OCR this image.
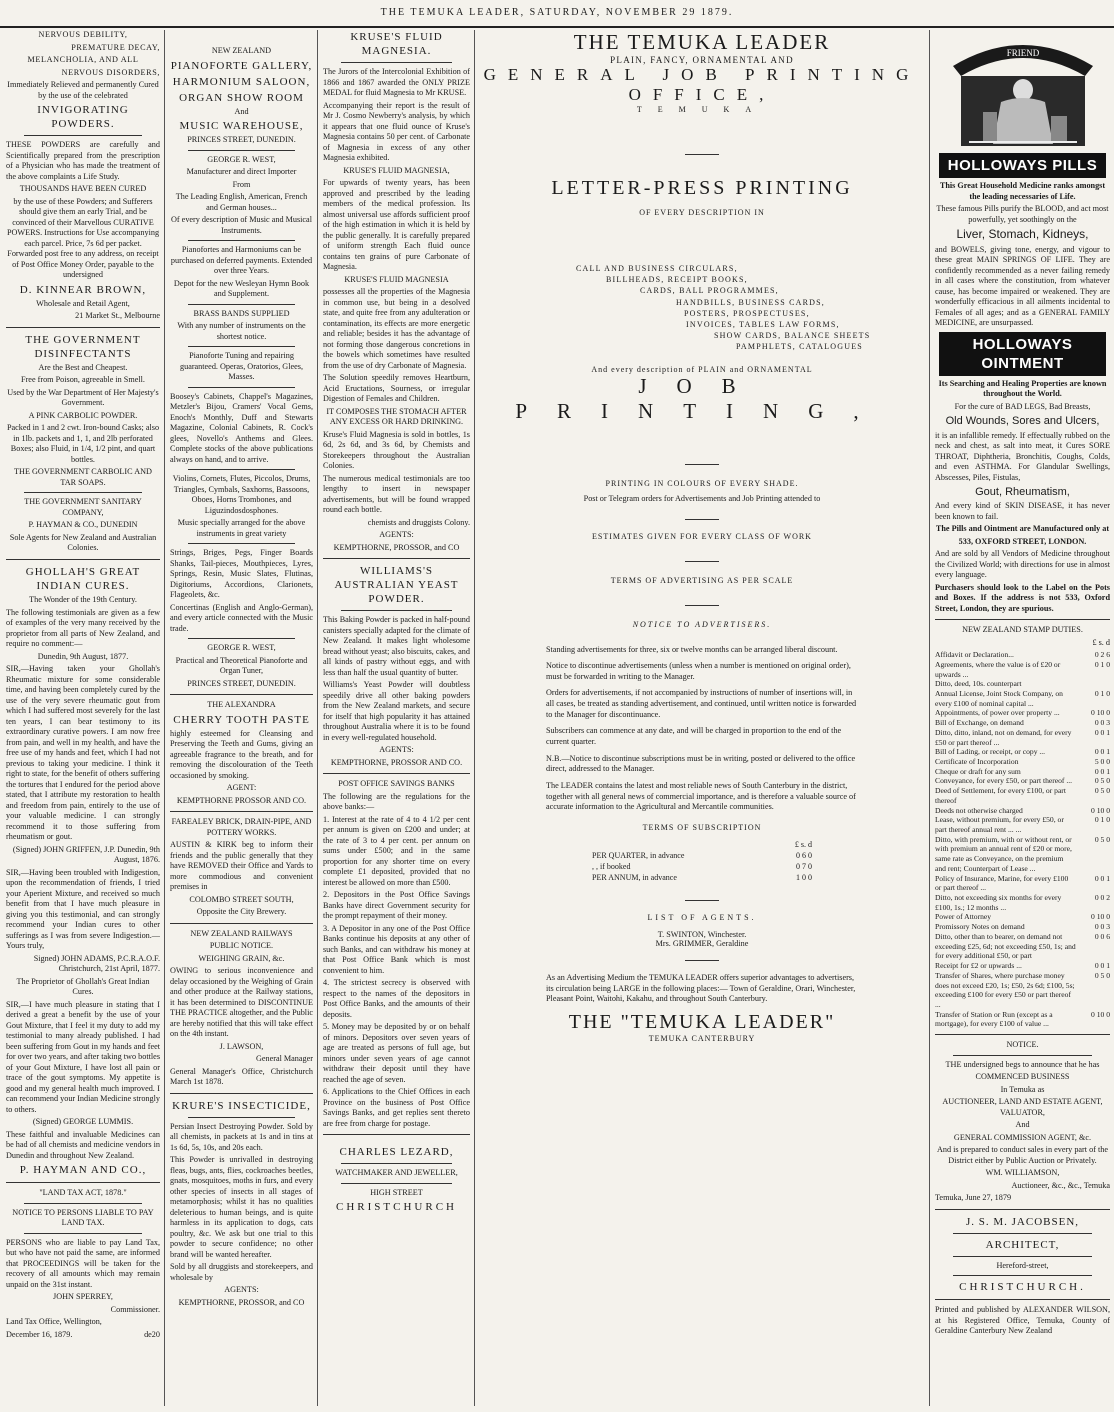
THE TEMUKA LEADER, SATURDAY, NOVEMBER 29 1879.

NERVOUS DEBILITY,

PREMATURE DECAY,

MELANCHOLIA, AND ALL

NERVOUS DISORDERS,

Immediately Relieved and permanently Cured by the use of the celebrated

INVIGORATING POWDERS.

THESE POWDERS are carefully and Scientifically prepared from the prescription of a Physician who has made the treatment of the above complaints a Life Study.

THOUSANDS HAVE BEEN CURED

by the use of these Powders; and Sufferers should give them an early Trial, and be convinced of their Marvellous CURATIVE POWERS. Instructions for Use accompanying each parcel. Price, 7s 6d per packet. Forwarded post free to any address, on receipt of Post Office Money Order, payable to the undersigned

D. KINNEAR BROWN,

Wholesale and Retail Agent,

21 Market St., Melbourne

THE GOVERNMENT DISINFECTANTS

Are the Best and Cheapest.

Free from Poison, agreeable in Smell.

Used by the War Department of Her Majesty's Government.

A PINK CARBOLIC POWDER.

Packed in 1 and 2 cwt. Iron-bound Casks; also in 1lb. packets and 1, 1, and 2lb perforated Boxes; also Fluid, in 1/4, 1/2 pint, and quart bottles.

THE GOVERNMENT CARBOLIC AND TAR SOAPS.

THE GOVERNMENT SANITARY COMPANY,

P. HAYMAN & CO., DUNEDIN

Sole Agents for New Zealand and Australian Colonies.

GHOLLAH'S GREAT INDIAN CURES.

The Wonder of the 19th Century.

The following testimonials are given as a few of examples of the very many received by the proprietor from all parts of New Zealand, and require no comment:—

Dunedin, 9th August, 1877.

SIR,—Having taken your Ghollah's Rheumatic mixture for some considerable time, and having been completely cured by the use of the very severe rheumatic gout from which I had suffered most severely for the last ten years, I can bear testimony to its extraordinary curative powers. I am now free from pain, and well in my health, and have the free use of my hands and feet, which I had not previous to taking your medicine. I think it right to state, for the benefit of others suffering the tortures that I endured for the period above stated, that I attribute my restoration to health and freedom from pain, entirely to the use of your valuable medicine. I can strongly recommend it to those suffering from rheumatism or gout.

(Signed) JOHN GRIFFEN, J.P. Dunedin, 9th August, 1876.

SIR,—Having been troubled with Indigestion, upon the recommendation of friends, I tried your Aperient Mixture, and received so much benefit from that I have much pleasure in giving you this testimonial, and can strongly recommend your Indian cures to other sufferings as I was from severe Indigestion.—Yours truly,

Signed) JOHN ADAMS, P.C.R.A.O.F. Christchurch, 21st April, 1877.

The Proprietor of Ghollah's Great Indian Cures.

SIR,—I have much pleasure in stating that I derived a great a benefit by the use of your Gout Mixture, that I feel it my duty to add my testimonial to many already published. I had been suffering from Gout in my hands and feet for over two years, and after taking two bottles of your Gout Mixture, I have lost all pain or trace of the gout symptoms. My appetite is good and my general health much improved. I can recommend your Indian Medicine strongly to others.

(Signed) GEORGE LUMMIS.

These faithful and invaluable Medicines can be had of all chemists and medicine vendors in Dunedin and throughout New Zealand.

P. HAYMAN AND CO.,

"LAND TAX ACT, 1878."

NOTICE TO PERSONS LIABLE TO PAY LAND TAX.

PERSONS who are liable to pay Land Tax, but who have not paid the same, are informed that PROCEEDINGS will be taken for the recovery of all amounts which may remain unpaid on the 31st instant.

JOHN SPERREY,

Commissioner.

Land Tax Office, Wellington,

December 16, 1879.	de20

NEW ZEALAND

PIANOFORTE GALLERY,

HARMONIUM SALOON,

ORGAN SHOW ROOM

And

MUSIC WAREHOUSE,

PRINCES STREET, DUNEDIN.

GEORGE R. WEST,

Manufacturer and direct Importer

From

The Leading English, American, French and German houses...

Of every description of Music and Musical Instruments.

Pianofortes and Harmoniums can be purchased on deferred payments. Extended over three Years.

Depot for the new Wesleyan Hymn Book and Supplement.

BRASS BANDS SUPPLIED

With any number of instruments on the shortest notice.

Pianoforte Tuning and repairing guaranteed. Operas, Oratorios, Glees, Masses.

Boosey's Cabinets, Chappel's Magazines, Metzler's Bijou, Cramers' Vocal Gems, Enoch's Monthly, Duff and Stewarts Magazine, Colonial Cabinets, R. Cock's glees, Novello's Anthems and Glees. Complete stocks of the above publications always on hand, and to arrive.

Violins, Cornets, Flutes, Piccolos, Drums, Triangles, Cymbals, Saxhorns, Bassoons, Oboes, Horns Trombones, and Liguzindosdosphones.

Music specially arranged for the above instruments in great variety

Strings, Briges, Pegs, Finger Boards Shanks, Tail-pieces, Mouthpieces, Lyres, Springs, Resin, Music Slates, Flutinas, Digitoriums, Accordions, Clarionets, Flageolets, &c.

Concertinas (English and Anglo-German), and every article connected with the Music trade.

GEORGE R. WEST,

Practical and Theoretical Pianoforte and Organ Tuner,

PRINCES STREET, DUNEDIN.

THE ALEXANDRA

CHERRY TOOTH PASTE

highly esteemed for Cleansing and Preserving the Teeth and Gums, giving an agreeable fragrance to the breath, and for removing the discolouration of the Teeth occasioned by smoking.

AGENT:

KEMPTHORNE PROSSOR AND CO.

FAREALEY BRICK, DRAIN-PIPE, AND POTTERY WORKS.

AUSTIN & KIRK beg to inform their friends and the public generally that they have REMOVED their Office and Yards to more commodious and convenient premises in

COLOMBO STREET SOUTH,

Opposite the City Brewery.

NEW ZEALAND RAILWAYS

PUBLIC NOTICE.

WEIGHING GRAIN, &c.

OWING to serious inconvenience and delay occasioned by the Weighing of Grain and other produce at the Railway stations, it has been determined to DISCONTINUE THE PRACTICE altogether, and the Public are hereby notified that this will take effect on the 4th instant.

J. LAWSON,

General Manager

General Manager's Office, Christchurch March 1st 1878.

KRURE'S INSECTICIDE,

Persian Insect Destroying Powder. Sold by all chemists, in packets at 1s and in tins at 1s 6d, 5s, 10s, and 20s each.

This Powder is unrivalled in destroying fleas, bugs, ants, flies, cockroaches beetles, gnats, mosquitoes, moths in furs, and every other species of insects in all stages of metamorphosis; whilst it has no qualities deleterious to human beings, and is quite harmless in its application to dogs, cats poultry, &c. We ask but one trial to this powder to secure confidence; no other brand will be wanted hereafter.

Sold by all druggists and storekeepers, and wholesale by

AGENTS:

KEMPTHORNE, PROSSOR, and CO

KRUSE'S FLUID MAGNESIA.

The Jurors of the Intercolonial Exhibition of 1866 and 1867 awarded the ONLY PRIZE MEDAL for fluid Magnesia to Mr KRUSE.

Accompanying their report is the result of Mr J. Cosmo Newberry's analysis, by which it appears that one fluid ounce of Kruse's Magnesia contains 50 per cent. of Carbonate of Magnesia in excess of any other Magnesia exhibited.

KRUSE'S FLUID MAGNESIA,

For upwards of twenty years, has been approved and prescribed by the leading members of the medical profession. Its almost universal use affords sufficient proof of the high estimation in which it is held by the public generally. It is carefully prepared of uniform strength Each fluid ounce contains ten grains of pure Carbonate of Magnesia.

KRUSE'S FLUID MAGNESIA

possesses all the properties of the Magnesia in common use, but being in a desolved state, and quite free from any adulteration or contamination, its effects are more energetic and reliable; besides it has the advantage of not forming those dangerous concretions in the bowels which sometimes have resulted from the use of dry Carbonate of Magnesia.

The Solution speedily removes Heartburn, Acid Eructations, Sourness, or irregular Digestion of Females and Children.

IT COMPOSES THE STOMACH AFTER ANY EXCESS OR HARD DRINKING.

Kruse's Fluid Magnesia is sold in bottles, 1s 6d, 2s 6d, and 3s 6d, by Chemists and Storekeepers throughout the Australian Colonies.

The numerous medical testimonials are too lengthy to insert in newspaper advertisements, but will be found wrapped round each bottle.

chemists and druggists Colony.

AGENTS:

KEMPTHORNE, PROSSOR, and CO

WILLIAMS'S AUSTRALIAN YEAST POWDER.

This Baking Powder is packed in half-pound canisters specially adapted for the climate of New Zealand. It makes light wholesome bread without yeast; also biscuits, cakes, and all kinds of pastry without eggs, and with less than half the usual quantity of butter.

Williams's Yeast Powder will doubtless speedily drive all other baking powders from the New Zealand markets, and secure for itself that high popularity it has attained throughout Australia where it is to be found in every well-regulated household.

AGENTS:

KEMPTHORNE, PROSSOR AND CO.

POST OFFICE SAVINGS BANKS

The following are the regulations for the above banks:—

1. Interest at the rate of 4 to 4 1/2 per cent per annum is given on £200 and under; at the rate of 3 to 4 per cent. per annum on sums under £500; and in the same proportion for any shorter time on every complete £1 deposited, provided that no interest be allowed on more than £500.

2. Depositors in the Post Office Savings Banks have direct Government security for the prompt repayment of their money.

3. A Depositor in any one of the Post Office Banks continue his deposits at any other of such Banks, and can withdraw his money at that Post Office Bank which is most convenient to him.

4. The strictest secrecy is observed with respect to the names of the depositors in Post Office Banks, and the amounts of their deposits.

5. Money may be deposited by or on behalf of minors. Depositors over seven years of age are treated as persons of full age, but minors under seven years of age cannot withdraw their deposit until they have reached the age of seven.

6. Applications to the Chief Offices in each Province on the business of Post Office Savings Banks, and get replies sent thereto are free from charge for postage.

CHARLES LEZARD,

WATCHMAKER AND JEWELLER,

HIGH STREET

CHRISTCHURCH

THE TEMUKA LEADER

PLAIN, FANCY, ORNAMENTAL AND

GENERAL JOB PRINTING OFFICE,

TEMUKA

LETTER-PRESS PRINTING

OF EVERY DESCRIPTION IN

CALL AND BUSINESS CIRCULARS,

BILLHEADS, RECEIPT BOOKS,

CARDS, BALL PROGRAMMES,

HANDBILLS, BUSINESS CARDS,

POSTERS, PROSPECTUSES,

INVOICES, TABLES LAW FORMS,

SHOW CARDS, BALANCE SHEETS

PAMPHLETS, CATALOGUES

And every description of PLAIN and ORNAMENTAL

JOB PRINTING,

PRINTING IN COLOURS OF EVERY SHADE.

Post or Telegram orders for Advertisements and Job Printing attended to

ESTIMATES GIVEN FOR EVERY CLASS OF WORK

TERMS OF ADVERTISING AS PER SCALE

NOTICE TO ADVERTISERS.

Standing advertisements for three, six or twelve months can be arranged liberal discount.

Notice to discontinue advertisements (unless when a number is mentioned on original order), must be forwarded in writing to the Manager.

Orders for advertisements, if not accompanied by instructions of number of insertions will, in all cases, be treated as standing advertisement, and continued, until written notice is forwarded to the Manager for discontinuance.

Subscribers can commence at any date, and will be charged in proportion to the end of the current quarter.

N.B.—Notice to discontinue subscriptions must be in writing, posted or delivered to the office direct, addressed to the Manager.

The LEADER contains the latest and most reliable news of South Canterbury in the district, together with all general news of commercial importance, and is therefore a valuable source of accurate information to the Agricultural and Mercantile communities.

TERMS OF SUBSCRIPTION

	£ s. d
PER QUARTER, in advance	0 6 0
, , if booked	0 7 0
PER ANNUM, in advance	1 0 0

LIST OF AGENTS.

T. SWINTON, Winchester.

Mrs. GRIMMER, Geraldine

As an Advertising Medium the TEMUKA LEADER offers superior advantages to advertisers, its circulation being LARGE in the following places:— Town of Geraldine, Orari, Winchester, Pleasant Point, Waitohi, Kakahu, and throughout South Canterbury.

THE "TEMUKA LEADER"

TEMUKA CANTERBURY

FRIEND
HOLLOWAYS PILLS

This Great Household Medicine ranks amongst the leading necessaries of Life.

These famous Pills purify the BLOOD, and act most powerfully, yet soothingly on the

Liver, Stomach, Kidneys,

and BOWELS, giving tone, energy, and vigour to these great MAIN SPRINGS OF LIFE. They are confidently recommended as a never failing remedy in all cases where the constitution, from whatever cause, has become impaired or weakened. They are wonderfully efficacious in all ailments incidental to Females of all ages; and as a GENERAL FAMILY MEDICINE, are unsurpassed.

HOLLOWAYS OINTMENT

Its Searching and Healing Properties are known throughout the World.

For the cure of BAD LEGS, Bad Breasts,

Old Wounds, Sores and Ulcers,

it is an infallible remedy. If effectually rubbed on the neck and chest, as salt into meat, it Cures SORE THROAT, Diphtheria, Bronchitis, Coughs, Colds, and even ASTHMA. For Glandular Swellings, Abscesses, Piles, Fistulas,

Gout, Rheumatism,

And every kind of SKIN DISEASE, it has never been known to fail.

The Pills and Ointment are Manufactured only at

533, OXFORD STREET, LONDON.

And are sold by all Vendors of Medicine throughout the Civilized World; with directions for use in almost every language.

Purchasers should look to the Label on the Pots and Boxes. If the address is not 533, Oxford Street, London, they are spurious.

NEW ZEALAND STAMP DUTIES.

£ s. d

Affidavit or Declaration...	0 2 6
Agreements, where the value is of £20 or upwards ...	0 1 0
Ditto, deed, 10s. counterpart	
Annual License, Joint Stock Company, on every £100 of nominal capital ...	0 1 0
Appointments, of power over property ...	0 10 0
Bill of Exchange, on demand	0 0 3
Ditto, ditto, inland, not on demand, for every £50 or part thereof ...	0 0 1
Bill of Lading, or receipt, or copy ...	0 0 1
Certificate of Incorporation	5 0 0
Cheque or draft for any sum	0 0 1
Conveyance, for every £50, or part thereof ...	0 5 0
Deed of Settlement, for every £100, or part thereof	0 5 0
Deeds not otherwise charged	0 10 0
Lease, without premium, for every £50, or part thereof annual rent ... ...	0 1 0
Ditto, with premium, with or without rent, or with premium an annual rent of £20 or more, same rate as Conveyance, on the premium and rent; Counterpart of Lease ...	0 5 0
Policy of Insurance, Marine, for every £100 or part thereof ...	0 0 1
Ditto, not exceeding six months for every £100, 1s.; 12 months ...	0 0 2
Power of Attorney	0 10 0
Promissory Notes on demand	0 0 3
Ditto, other than to bearer, on demand not exceeding £25, 6d; not exceeding £50, 1s; and for every additional £50, or part	0 0 6
Receipt for £2 or upwards ...	0 0 1
Transfer of Shares, where purchase money does not exceed £20, 1s; £50, 2s 6d; £100, 5s; exceeding £100 for every £50 or part thereof ...	0 5 0
Transfer of Station or Run (except as a mortgage), for every £100 of value ...	0 10 0

NOTICE.

THE undersigned begs to announce that he has

COMMENCED BUSINESS

In Temuka as

AUCTIONEER, LAND AND ESTATE AGENT, VALUATOR,

And

GENERAL COMMISSION AGENT, &c.

And is prepared to conduct sales in every part of the District either by Public Auction or Privately.

WM. WILLIAMSON,

Auctioneer, &c., &c., Temuka

Temuka, June 27, 1879

J. S. M. JACOBSEN,

ARCHITECT,

Hereford-street,

CHRISTCHURCH.

Printed and published by ALEXANDER WILSON, at his Registered Office, Temuka, County of Geraldine Canterbury New Zealand
